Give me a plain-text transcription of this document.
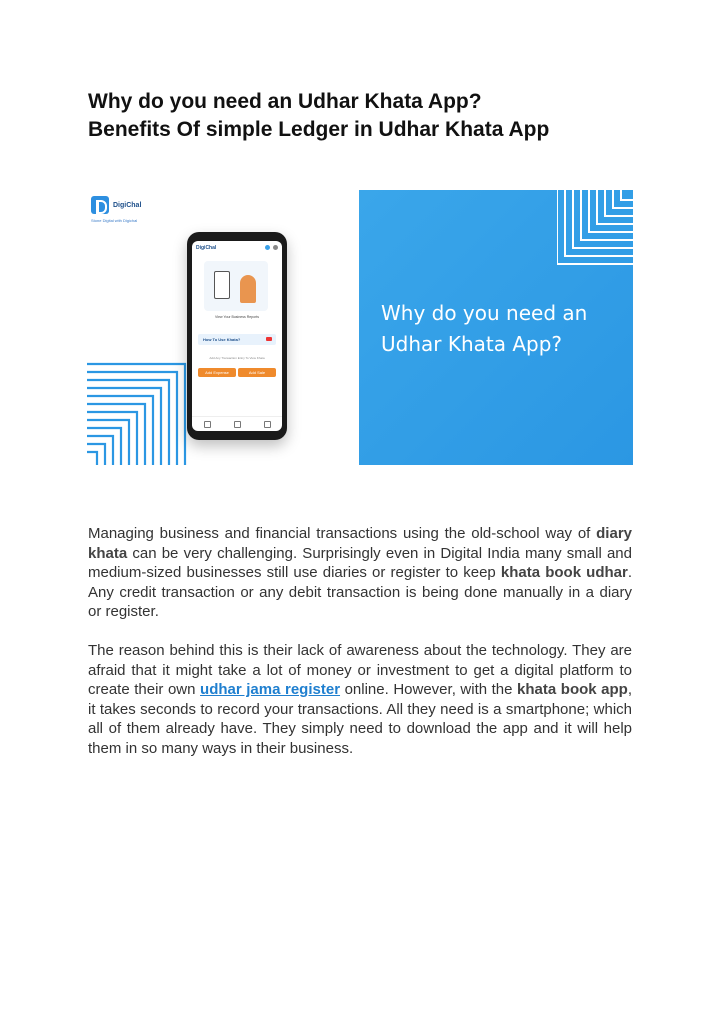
Why do you need an Udhar Khata App?
Benefits Of simple Ledger in Udhar Khata App
DigiChal
Stone Digital with Digichal
DigiChal
View Your Business Reports
How To Use Khata?
Add Any Transaction Entry To View Khata
Add Expense	Add Sale
Why do you need an
Udhar Khata App?

Managing business and financial transactions using the old-school way of diary khata can be very challenging. Surprisingly even in Digital India many small and medium-sized businesses still use diaries or register to keep khata book udhar. Any credit transaction or any debit transaction is being done manually in a diary or register.

The reason behind this is their lack of awareness about the technology. They are afraid that it might take a lot of money or investment to get a digital platform to create their own udhar jama register online. However, with the khata book app, it takes seconds to record your transactions. All they need is a smartphone; which all of them already have. They simply need to download the app and it will help them in so many ways in their business.
